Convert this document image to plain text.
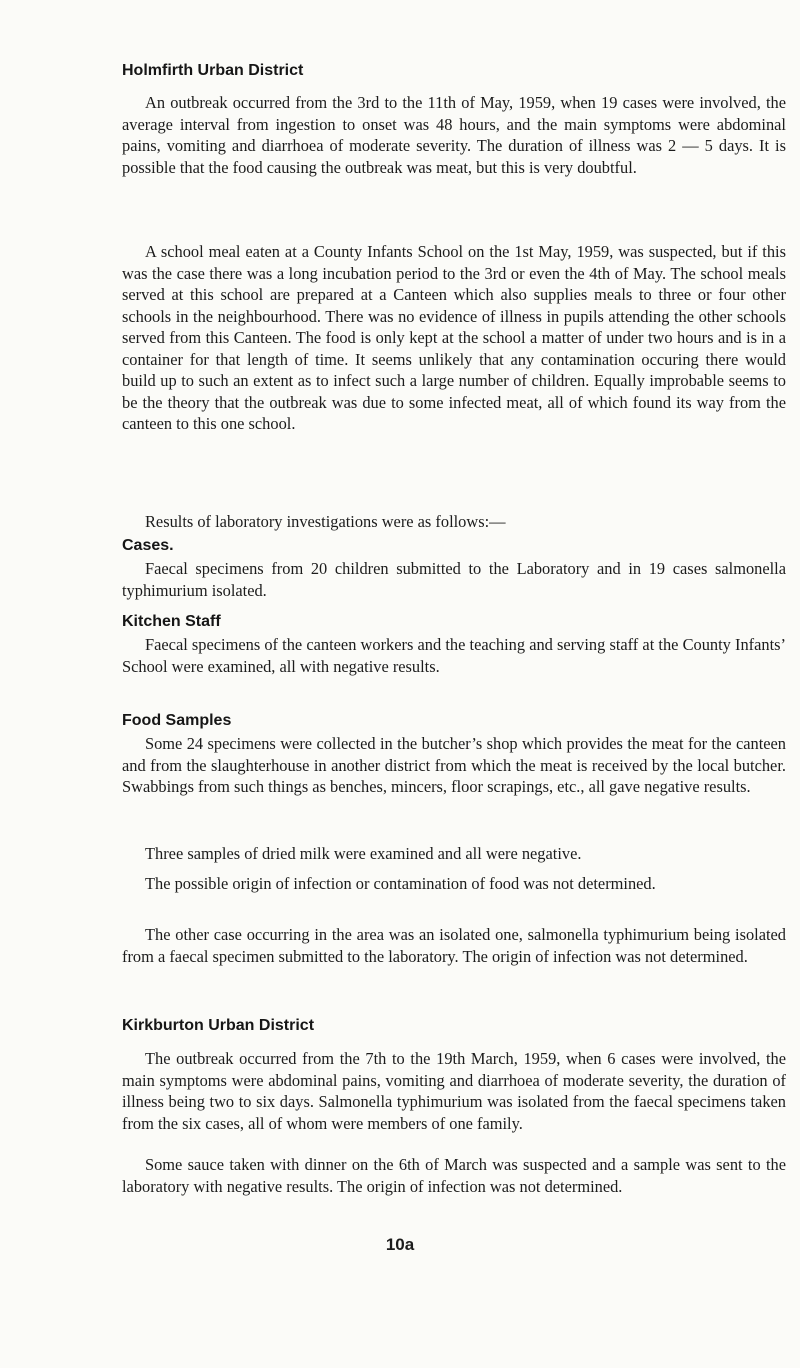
Holmfirth Urban District

An outbreak occurred from the 3rd to the 11th of May, 1959, when 19 cases were involved, the average interval from ingestion to onset was 48 hours, and the main symptoms were abdominal pains, vomiting and diarrhoea of moderate severity. The duration of illness was 2 — 5 days. It is possible that the food causing the outbreak was meat, but this is very doubtful.

A school meal eaten at a County Infants School on the 1st May, 1959, was suspected, but if this was the case there was a long incubation period to the 3rd or even the 4th of May. The school meals served at this school are prepared at a Canteen which also supplies meals to three or four other schools in the neighbourhood. There was no evidence of illness in pupils attending the other schools served from this Canteen. The food is only kept at the school a matter of under two hours and is in a container for that length of time. It seems unlikely that any contamination occuring there would build up to such an extent as to infect such a large number of children. Equally improbable seems to be the theory that the outbreak was due to some infected meat, all of which found its way from the canteen to this one school.

Results of laboratory investigations were as follows:—

Cases.

Faecal specimens from 20 children submitted to the Laboratory and in 19 cases salmonella typhimurium isolated.

Kitchen Staff

Faecal specimens of the canteen workers and the teaching and serving staff at the County Infants’ School were examined, all with negative results.

Food Samples

Some 24 specimens were collected in the butcher’s shop which provides the meat for the canteen and from the slaughterhouse in another district from which the meat is received by the local butcher. Swabbings from such things as benches, mincers, floor scrapings, etc., all gave negative results.

Three samples of dried milk were examined and all were negative.

The possible origin of infection or contamination of food was not determined.

The other case occurring in the area was an isolated one, salmonella typhimurium being isolated from a faecal specimen submitted to the laboratory. The origin of infection was not determined.

Kirkburton Urban District

The outbreak occurred from the 7th to the 19th March, 1959, when 6 cases were involved, the main symptoms were abdominal pains, vomiting and diarrhoea of moderate severity, the duration of illness being two to six days. Salmonella typhimurium was isolated from the faecal specimens taken from the six cases, all of whom were members of one family.

Some sauce taken with dinner on the 6th of March was suspected and a sample was sent to the laboratory with negative results. The origin of infection was not determined.

10a
